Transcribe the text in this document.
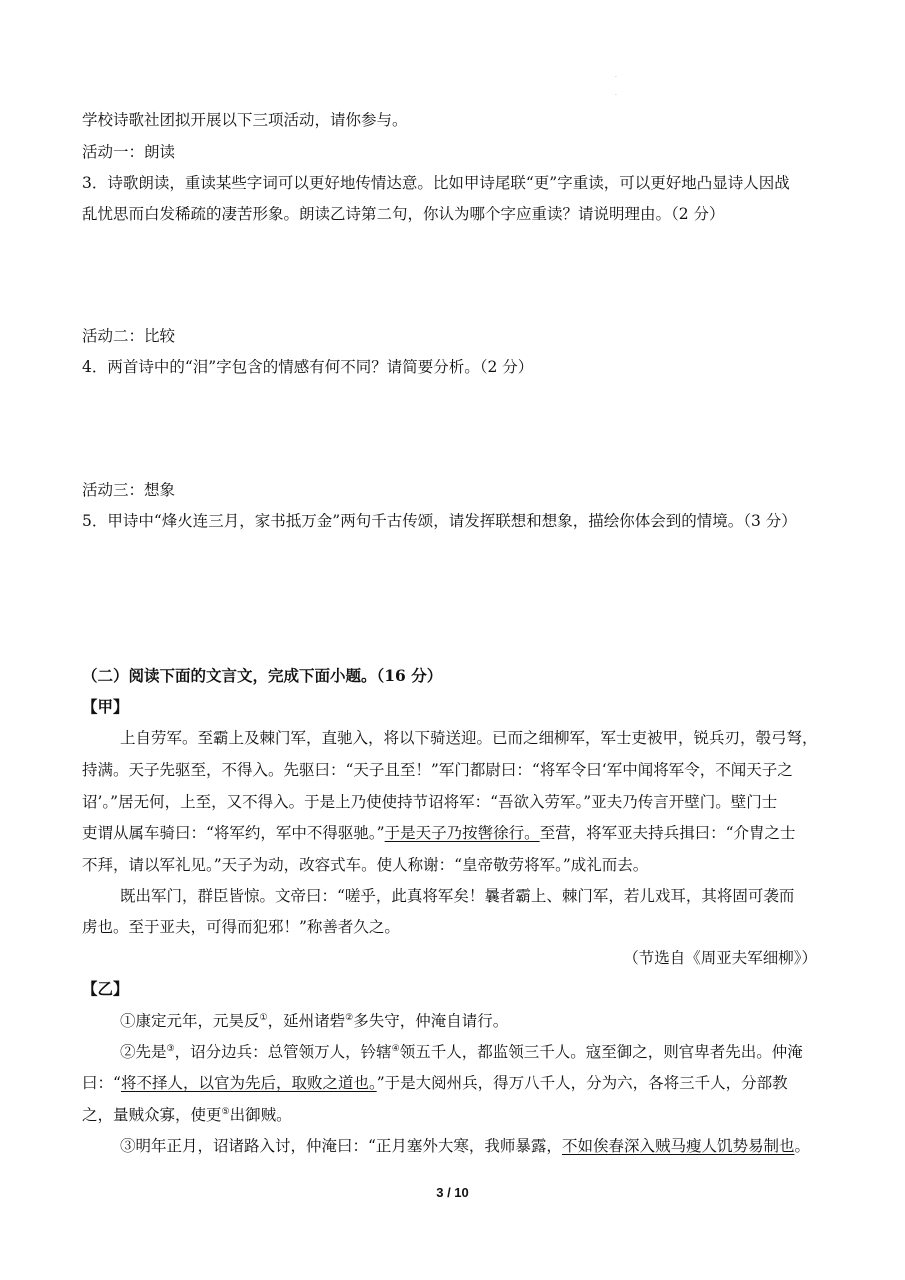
·
·
学校诗歌社团拟开展以下三项活动，请你参与。
活动一：朗读
3．诗歌朗读，重读某些字词可以更好地传情达意。比如甲诗尾联“更”字重读，可以更好地凸显诗人因战
乱忧思而白发稀疏的凄苦形象。朗读乙诗第二句，你认为哪个字应重读？请说明理由。（2 分）
活动二：比较
4．两首诗中的“泪”字包含的情感有何不同？请简要分析。（2 分）
活动三：想象
5．甲诗中“烽火连三月，家书抵万金”两句千古传颂，请发挥联想和想象，描绘你体会到的情境。（3 分）
（二）阅读下面的文言文，完成下面小题。（16 分）
【甲】
上自劳军。至霸上及棘门军，直驰入，将以下骑送迎。已而之细柳军，军士吏被甲，锐兵刃，彀弓弩，
持满。天子先驱至，不得入。先驱曰：“天子且至！”军门都尉曰：“将军令曰‘军中闻将军令，不闻天子之
诏’。”居无何，上至，又不得入。于是上乃使使持节诏将军：“吾欲入劳军。”亚夫乃传言开壁门。壁门士
吏谓从属车骑曰：“将军约，军中不得驱驰。”于是天子乃按辔徐行。至营，将军亚夫持兵揖曰：“介胄之士
不拜，请以军礼见。”天子为动，改容式车。使人称谢：“皇帝敬劳将军。”成礼而去。
既出军门，群臣皆惊。文帝曰：“嗟乎，此真将军矣！曩者霸上、棘门军，若儿戏耳，其将固可袭而
虏也。至于亚夫，可得而犯邪！”称善者久之。
（节选自《周亚夫军细柳》）
【乙】
①康定元年，元昊反①，延州诸砦②多失守，仲淹自请行。
②先是③，诏分边兵：总管领万人，钤辖④领五千人，都监领三千人。寇至御之，则官卑者先出。仲淹
曰：“将不择人，以官为先后，取败之道也。”于是大阅州兵，得万八千人，分为六，各将三千人，分部教
之，量贼众寡，使更⑤出御贼。
③明年正月，诏诸路入讨，仲淹曰：“正月塞外大寒，我师暴露，不如俟春深入贼马瘦人饥势易制也。
3 / 10
